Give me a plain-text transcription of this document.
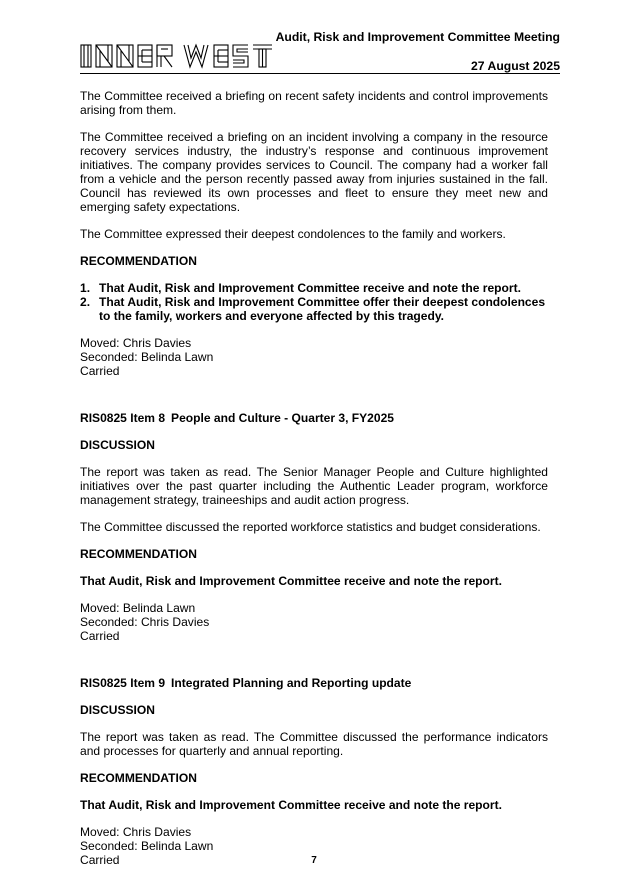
Audit, Risk and Improvement Committee Meeting
27 August 2025

The Committee received a briefing on recent safety incidents and control improvements arising from them.

The Committee received a briefing on an incident involving a company in the resource recovery services industry, the industry’s response and continuous improvement initiatives. The company provides services to Council. The company had a worker fall from a vehicle and the person recently passed away from injuries sustained in the fall. Council has reviewed its own processes and fleet to ensure they meet new and emerging safety expectations.

The Committee expressed their deepest condolences to the family and workers.

RECOMMENDATION

1. That Audit, Risk and Improvement Committee receive and note the report.
2. That Audit, Risk and Improvement Committee offer their deepest condolences to the family, workers and everyone affected by this tragedy.

Moved: Chris Davies

Seconded: Belinda Lawn

Carried

RIS0825 Item 8 People and Culture - Quarter 3, FY2025

DISCUSSION

The report was taken as read. The Senior Manager People and Culture highlighted initiatives over the past quarter including the Authentic Leader program, workforce management strategy, traineeships and audit action progress.

The Committee discussed the reported workforce statistics and budget considerations.

RECOMMENDATION

That Audit, Risk and Improvement Committee receive and note the report.

Moved: Belinda Lawn

Seconded: Chris Davies

Carried

RIS0825 Item 9 Integrated Planning and Reporting update

DISCUSSION

The report was taken as read. The Committee discussed the performance indicators and processes for quarterly and annual reporting.

RECOMMENDATION

That Audit, Risk and Improvement Committee receive and note the report.

Moved: Chris Davies

Seconded: Belinda Lawn

Carried	7
